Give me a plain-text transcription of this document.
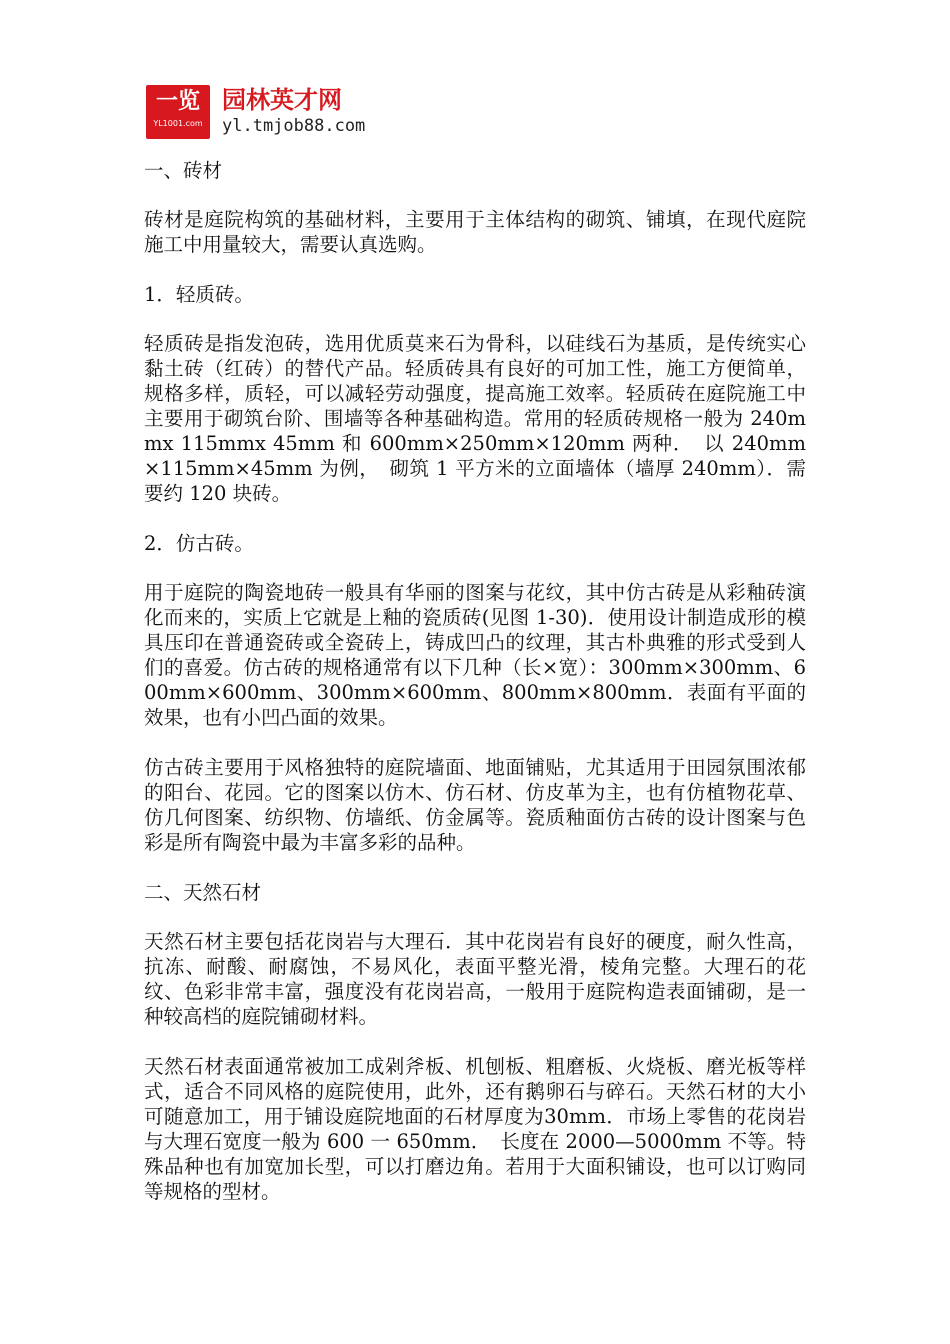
一览
YL1001.com
园林英才网
yl.tmjob88.com

一、砖材

砖材是庭院构筑的基础材料，主要用于主体结构的砌筑、铺填，在现代庭院施工中用量较大，需要认真选购。

1．轻质砖。

轻质砖是指发泡砖，选用优质莫来石为骨科，以硅线石为基质，是传统实心黏土砖（红砖）的替代产品。轻质砖具有良好的可加工性，施工方便简单，规格多样，质轻，可以减轻劳动强度，提高施工效率。轻质砖在庭院施工中主要用于砌筑台阶、围墙等各种基础构造。常用的轻质砖规格一般为 240mmx 115mmx 45mm 和 600mm×250mm×120mm 两种．　以 240mm×115mm×45mm 为例，　砌筑 1 平方米的立面墙体（墙厚 240mm）．需要约 120 块砖。

2．仿古砖。

用于庭院的陶瓷地砖一般具有华丽的图案与花纹，其中仿古砖是从彩釉砖演化而来的，实质上它就是上釉的瓷质砖(见图 1-30)．使用设计制造成形的模具压印在普通瓷砖或全瓷砖上，铸成凹凸的纹理，其古朴典雅的形式受到人们的喜爱。仿古砖的规格通常有以下几种（长×宽）：300mm×300mm、600mm×600mm、300mm×600mm、800mm×800mm．表面有平面的效果，也有小凹凸面的效果。

仿古砖主要用于风格独特的庭院墙面、地面铺贴，尤其适用于田园氛围浓郁的阳台、花园。它的图案以仿木、仿石材、仿皮革为主，也有仿植物花草、仿几何图案、纺织物、仿墙纸、仿金属等。瓷质釉面仿古砖的设计图案与色彩是所有陶瓷中最为丰富多彩的品种。

二、天然石材

天然石材主要包括花岗岩与大理石．其中花岗岩有良好的硬度，耐久性高，抗冻、耐酸、耐腐蚀，不易风化，表面平整光滑，棱角完整。大理石的花纹、色彩非常丰富，强度没有花岗岩高，一般用于庭院构造表面铺砌，是一种较高档的庭院铺砌材料。

天然石材表面通常被加工成剁斧板、机刨板、粗磨板、火烧板、磨光板等样式，适合不同风格的庭院使用，此外，还有鹅卵石与碎石。天然石材的大小可随意加工，用于铺设庭院地面的石材厚度为30mm．市场上零售的花岗岩与大理石宽度一般为 600 一 650mm．　长度在 2000—5000mm 不等。特殊品种也有加宽加长型，可以打磨边角。若用于大面积铺设，也可以订购同等规格的型材。
